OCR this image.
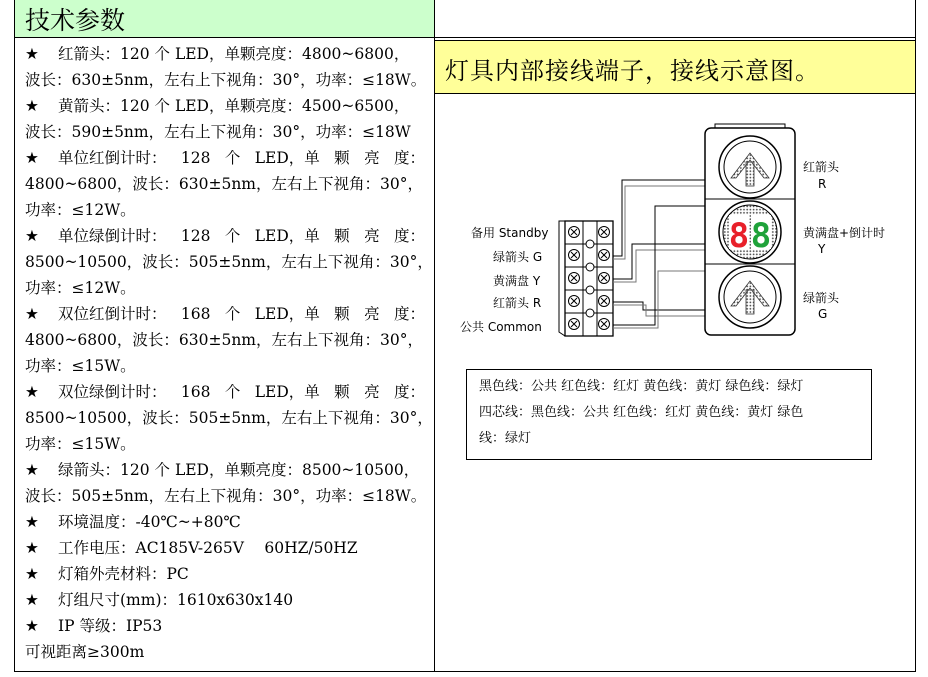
技术参数
灯具内部接线端子，接线示意图。
★ 红箭头：120 个 LED，单颗亮度：4800~6800，
波长：630±5nm，左右上下视角：30°，功率：≤18W。
★ 黄箭头：120 个 LED，单颗亮度：4500~6500，
波长：590±5nm，左右上下视角：30°，功率：≤18W
★ 单位红倒计时： 128 个 LED，单 颗 亮 度：
4800~6800，波长：630±5nm，左右上下视角：30°，
功率：≤12W。
★ 单位绿倒计时： 128 个 LED，单 颗 亮 度：
8500~10500，波长：505±5nm，左右上下视角：30°，
功率：≤12W。
★ 双位红倒计时： 168 个 LED，单 颗 亮 度：
4800~6800，波长：630±5nm，左右上下视角：30°，
功率：≤15W。
★ 双位绿倒计时： 168 个 LED，单 颗 亮 度：
8500~10500，波长：505±5nm，左右上下视角：30°，
功率：≤15W。
★ 绿箭头：120 个 LED，单颗亮度：8500~10500，
波长：505±5nm，左右上下视角：30°，功率：≤18W。
★ 环境温度：-40℃~+80℃
★ 工作电压：AC185V-265V　 60HZ/50HZ
★ 灯箱外壳材料：PC
★ 灯组尺寸(mm)：1610x630x140
★ IP 等级：IP53
可视距离≥300m
备用 Standby
绿箭头 G
黄满盘 Y
红箭头 R
公共 Common
8 8
红箭头
R
黄满盘+倒计时
Y
绿箭头
G
黑色线：公共 红色线：红灯 黄色线：黄灯 绿色线：绿灯
四芯线：黑色线：公共 红色线：红灯 黄色线：黄灯 绿色
线：绿灯
